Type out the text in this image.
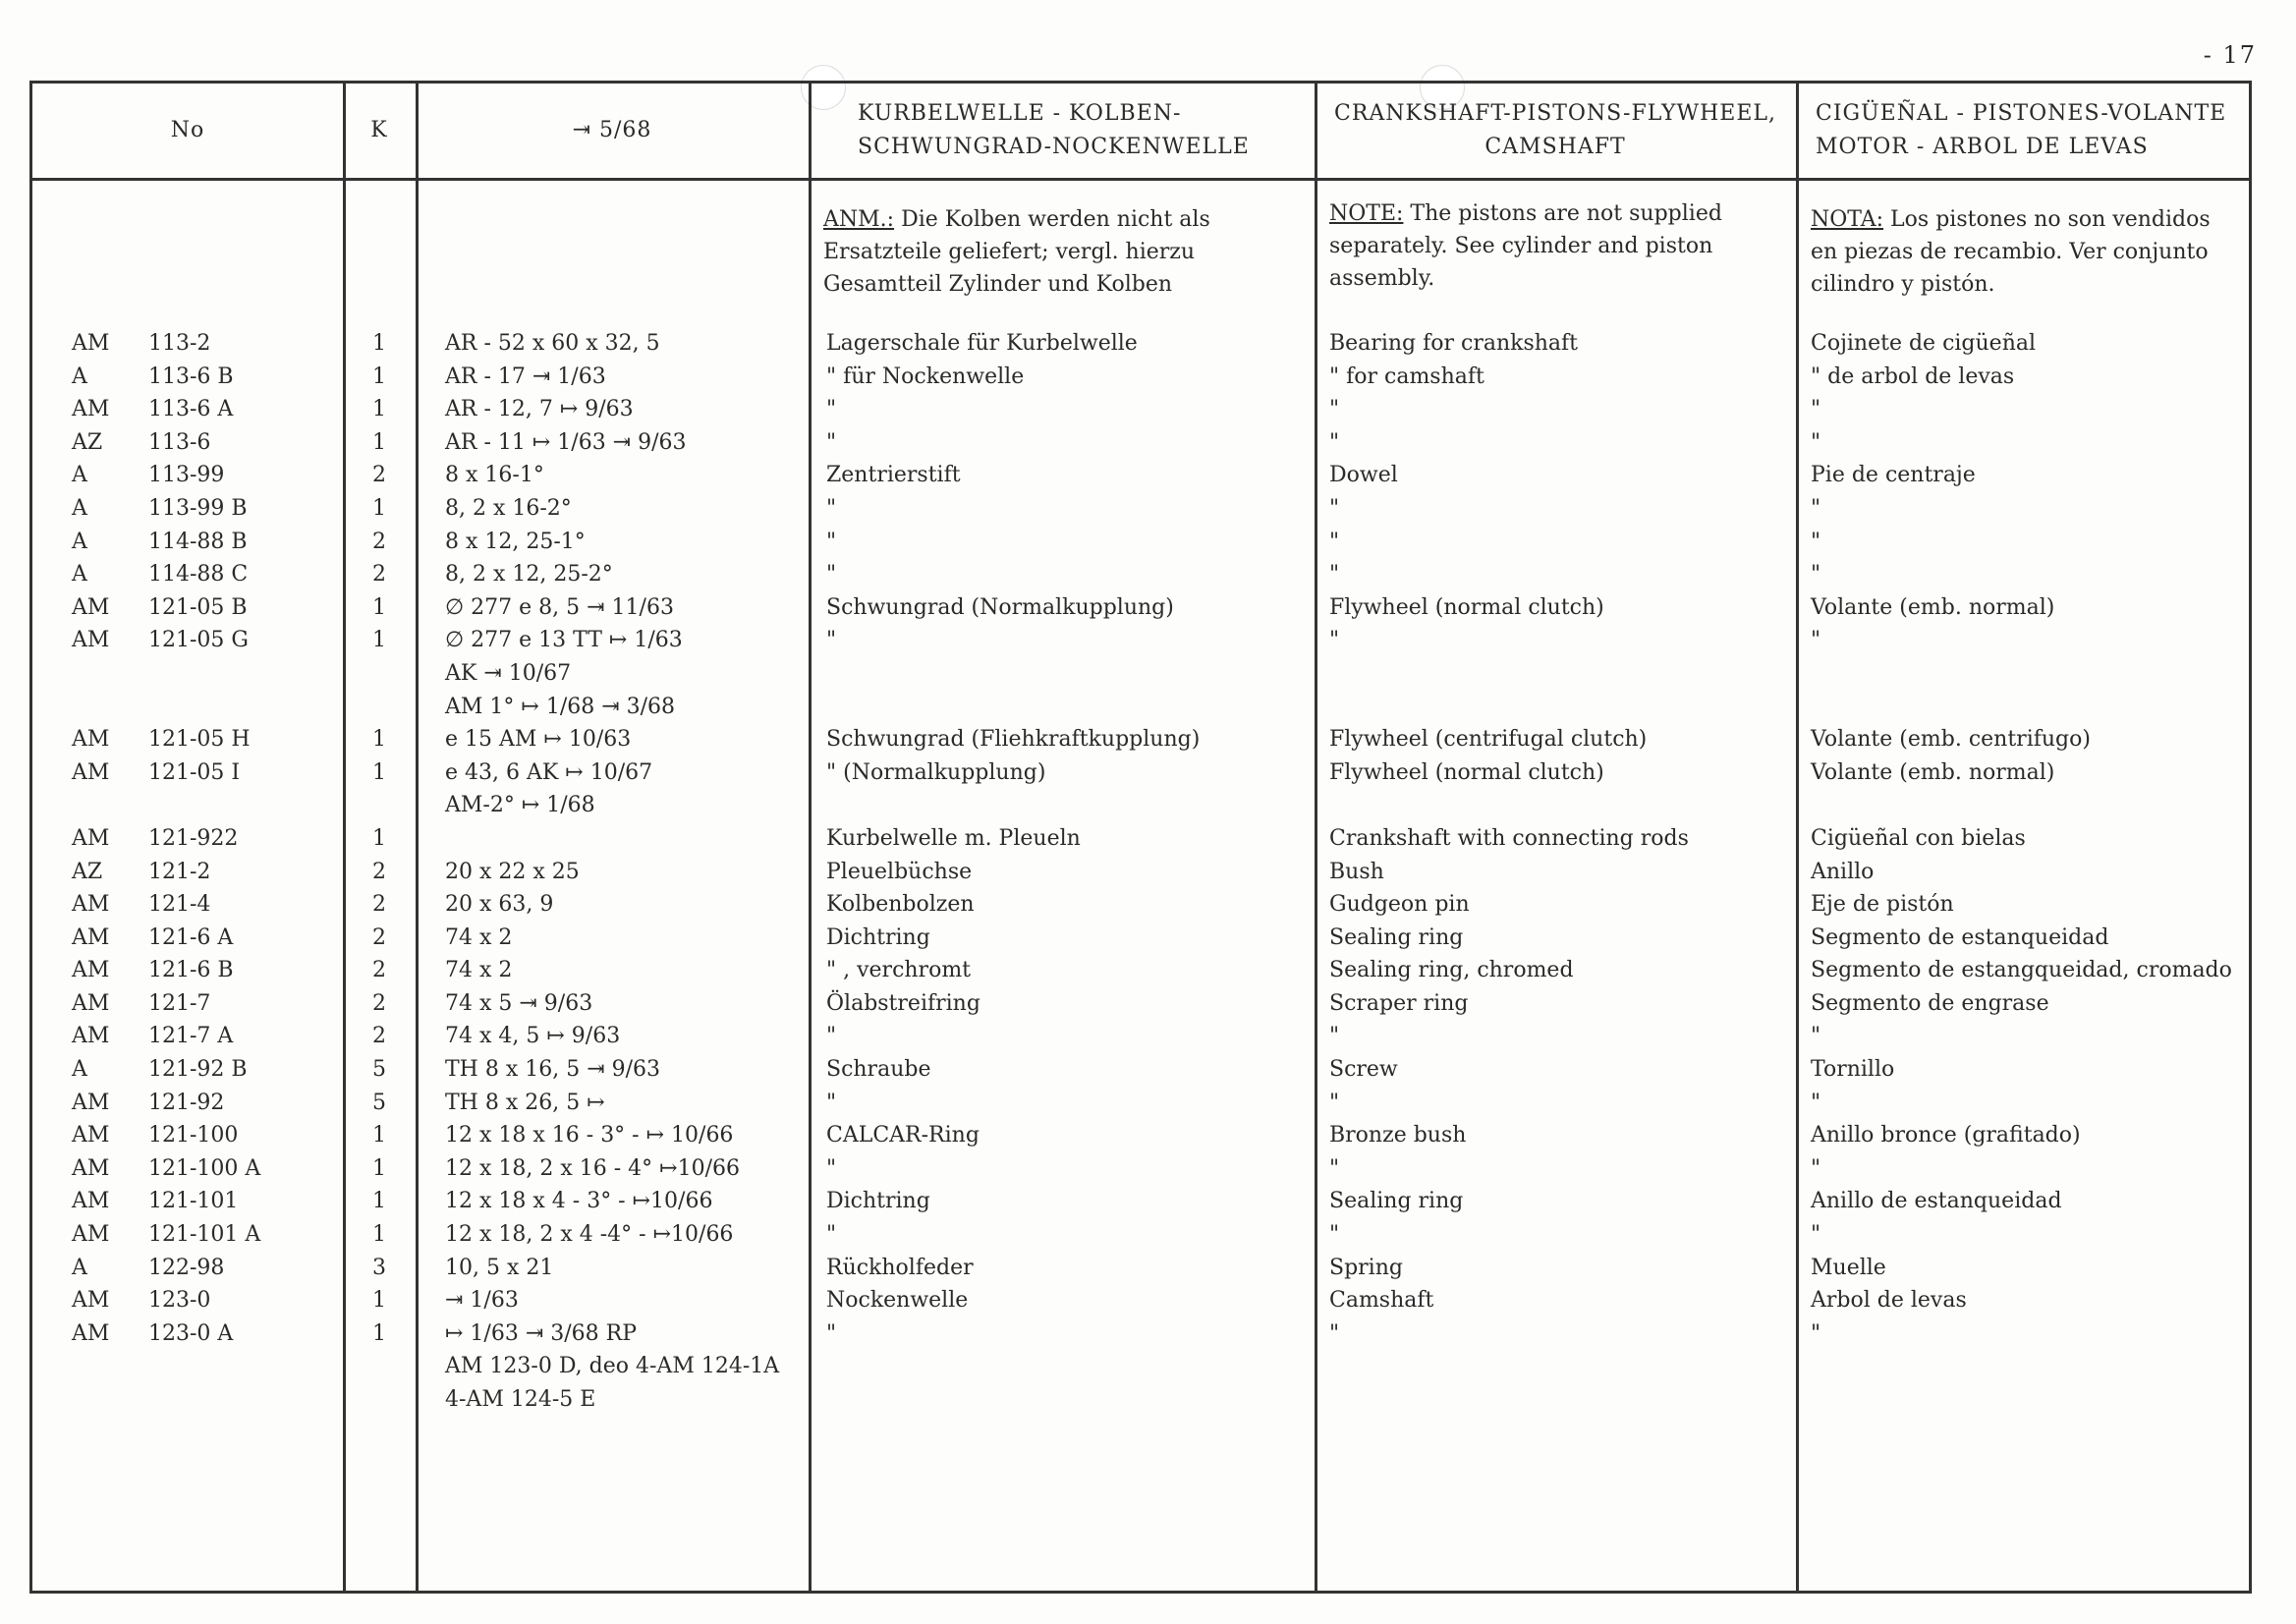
- 17
No	K	⇥ 5/68
KURBELWELLE - KOLBEN-
SCHWUNGRAD-NOCKENWELLE
CRANKSHAFT-PISTONS-FLYWHEEL,
CAMSHAFT
CIGÜEÑAL - PISTONES-VOLANTE
MOTOR - ARBOL DE LEVAS
ANM.: Die Kolben werden nicht als
Ersatzteile geliefert; vergl. hierzu
Gesamtteil Zylinder und Kolben
NOTE: The pistons are not supplied
separately. See cylinder and piston
assembly.
NOTA: Los pistones no son vendidos
en piezas de recambio. Ver conjunto
cilindro y pistón.
AM 113-2	1	AR - 52 x 60 x 32, 5	Lagerschale für Kurbelwelle	Bearing for crankshaft	Cojinete de cigüeñal
A	113-6 B	1	AR - 17 ⇥ 1/63	" für Nockenwelle	" for camshaft	" de arbol de levas
AM 113-6 A	1	AR - 12, 7 ↦ 9/63	"	"	"
AZ 113-6	1	AR - 11 ↦ 1/63 ⇥ 9/63	"	"	"
A	113-99	2	8 x 16-1°	Zentrierstift	Dowel	Pie de centraje
A	113-99 B	1	8, 2 x 16-2°	"	"	"
A	114-88 B	2	8 x 12, 25-1°	"	"	"
A	114-88 C	2	8, 2 x 12, 25-2°	"	"	"
AM 121-05 B	1	∅ 277 e 8, 5 ⇥ 11/63	Schwungrad (Normalkupplung)	Flywheel (normal clutch)	Volante (emb. normal)
AM 121-05 G	1	∅ 277 e 13 TT ↦ 1/63	"	"	"
AK ⇥ 10/67
AM 1° ↦ 1/68 ⇥ 3/68
AM 121-05 H	1	e 15 AM ↦ 10/63	Schwungrad (Fliehkraftkupplung)	Flywheel (centrifugal clutch)	Volante (emb. centrifugo)
AM 121-05 I	1	e 43, 6 AK ↦ 10/67	" (Normalkupplung)	Flywheel (normal clutch)	Volante (emb. normal)
AM-2° ↦ 1/68
AM 121-922	1	Kurbelwelle m. Pleueln	Crankshaft with connecting rods	Cigüeñal con bielas
AZ 121-2	2	20 x 22 x 25	Pleuelbüchse	Bush	Anillo
AM 121-4	2	20 x 63, 9	Kolbenbolzen	Gudgeon pin	Eje de pistón
AM 121-6 A	2	74 x 2	Dichtring	Sealing ring	Segmento de estanqueidad
AM 121-6 B	2	74 x 2	" , verchromt	Sealing ring, chromed	Segmento de estangqueidad, cromado
AM 121-7	2	74 x 5 ⇥ 9/63	Ölabstreifring	Scraper ring	Segmento de engrase
AM 121-7 A	2	74 x 4, 5 ↦ 9/63	"	"	"
A	121-92 B	5	TH 8 x 16, 5 ⇥ 9/63	Schraube	Screw	Tornillo
AM 121-92	5	TH 8 x 26, 5 ↦	"	"	"
AM 121-100	1	12 x 18 x 16 - 3° - ↦ 10/66	CALCAR-Ring	Bronze bush	Anillo bronce (grafitado)
AM 121-100 A	1	12 x 18, 2 x 16 - 4° ↦10/66	"	"	"
AM 121-101	1	12 x 18 x 4 - 3° - ↦10/66	Dichtring	Sealing ring	Anillo de estanqueidad
AM 121-101 A	1	12 x 18, 2 x 4 -4° - ↦10/66	"	"	"
A	122-98	3	10, 5 x 21	Rückholfeder	Spring	Muelle
AM 123-0	1	⇥ 1/63	Nockenwelle	Camshaft	Arbol de levas
AM 123-0 A	1	↦ 1/63 ⇥ 3/68 RP	"	"	"
AM 123-0 D, deo 4-AM 124-1A
4-AM 124-5 E
